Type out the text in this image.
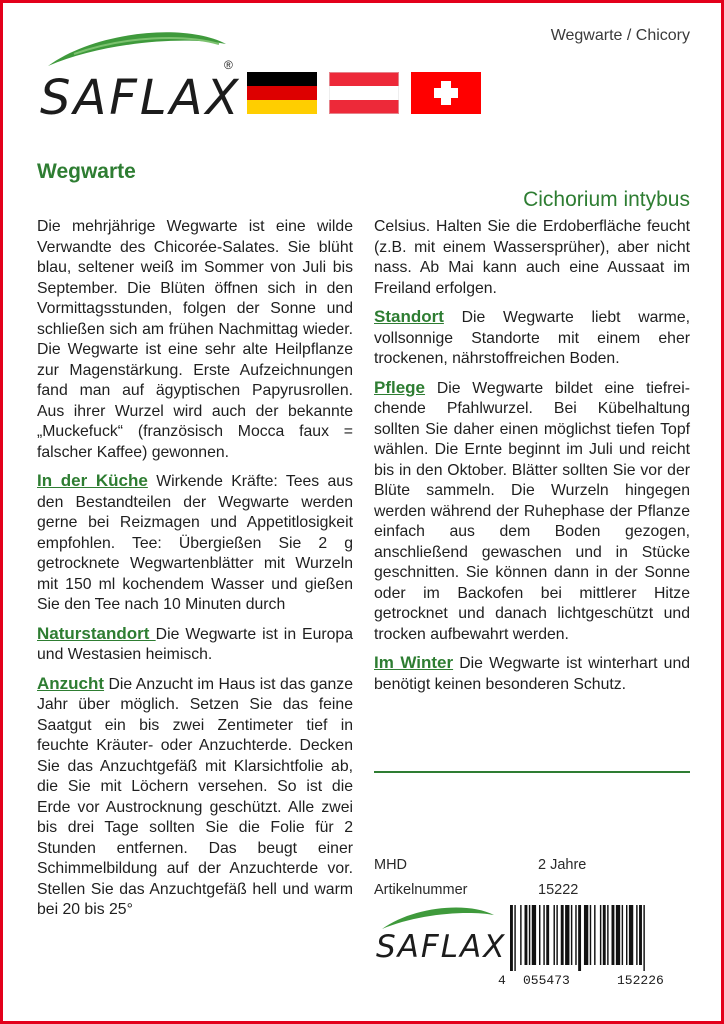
SAFLAX
®
Wegwarte / Chicory
Wegwarte
Cichorium intybus

Die mehrjährige Wegwarte ist eine wilde Verwandte des Chicorée-Salates. Sie blüht blau, seltener weiß im Sommer von Juli bis September. Die Blüten öffnen sich in den Vormittagsstunden, folgen der Sonne und schließen sich am frühen Nachmittag wieder. Die Wegwarte ist eine sehr alte Heilpflanze zur Magenstärkung. Erste Aufzeichnungen fand man auf ägyptischen Papyrusrollen. Aus ihrer Wurzel wird auch der bekannte „Muckefuck“ (französisch Mocca faux = falscher Kaffee) gewonnen.

In der Küche Wirkende Kräfte: Tees aus den Bestandteilen der Wegwarte werden gerne bei Reizmagen und Appetitlosigkeit empfohlen. Tee: Übergießen Sie 2 g getrocknete Wegwartenblätter mit Wurzeln mit 150 ml kochendem Wasser und gießen Sie den Tee nach 10 Minuten durch

Naturstandort Die Wegwarte ist in Europa und Westasien heimisch.

Anzucht Die Anzucht im Haus ist das ganze Jahr über möglich. Setzen Sie das feine Saatgut ein bis zwei Zentimeter tief in feuchte Kräuter- oder Anzuchterde. Decken Sie das Anzuchtgefäß mit Klarsichtfolie ab, die Sie mit Löchern versehen. So ist die Erde vor Austrocknung geschützt. Alle zwei bis drei Tage sollten Sie die Folie für 2 Stunden entfernen. Das beugt einer Schimmelbildung auf der Anzuchterde vor. Stellen Sie das Anzuchtgefäß hell und warm bei 20 bis 25°

Celsius. Halten Sie die Erdoberfläche feucht (z.B. mit einem Wassersprüher), aber nicht nass. Ab Mai kann auch eine Aussaat im Freiland erfolgen.

Standort Die Wegwarte liebt warme, vollsonnige Standorte mit einem eher trockenen, nährstoffreichen Boden.

Pflege Die Wegwarte bildet eine tiefreichende Pfahlwurzel. Bei Kübelhaltung sollten Sie daher einen möglichst tiefen Topf wählen. Die Ernte beginnt im Juli und reicht bis in den Oktober. Blätter sollten Sie vor der Blüte sammeln. Die Wurzeln hingegen werden während der Ruhephase der Pflanze einfach aus dem Boden gezogen, anschließend gewaschen und in Stücke geschnitten. Sie können dann in der Sonne oder im Backofen bei mittlerer Hitze getrocknet und danach lichtgeschützt und trocken aufbewahrt werden.

Im Winter Die Wegwarte ist winterhart und benötigt keinen besonderen Schutz.

MHD	2 Jahre
Artikelnummer	15222
SAFLAX
4 055473	152226
